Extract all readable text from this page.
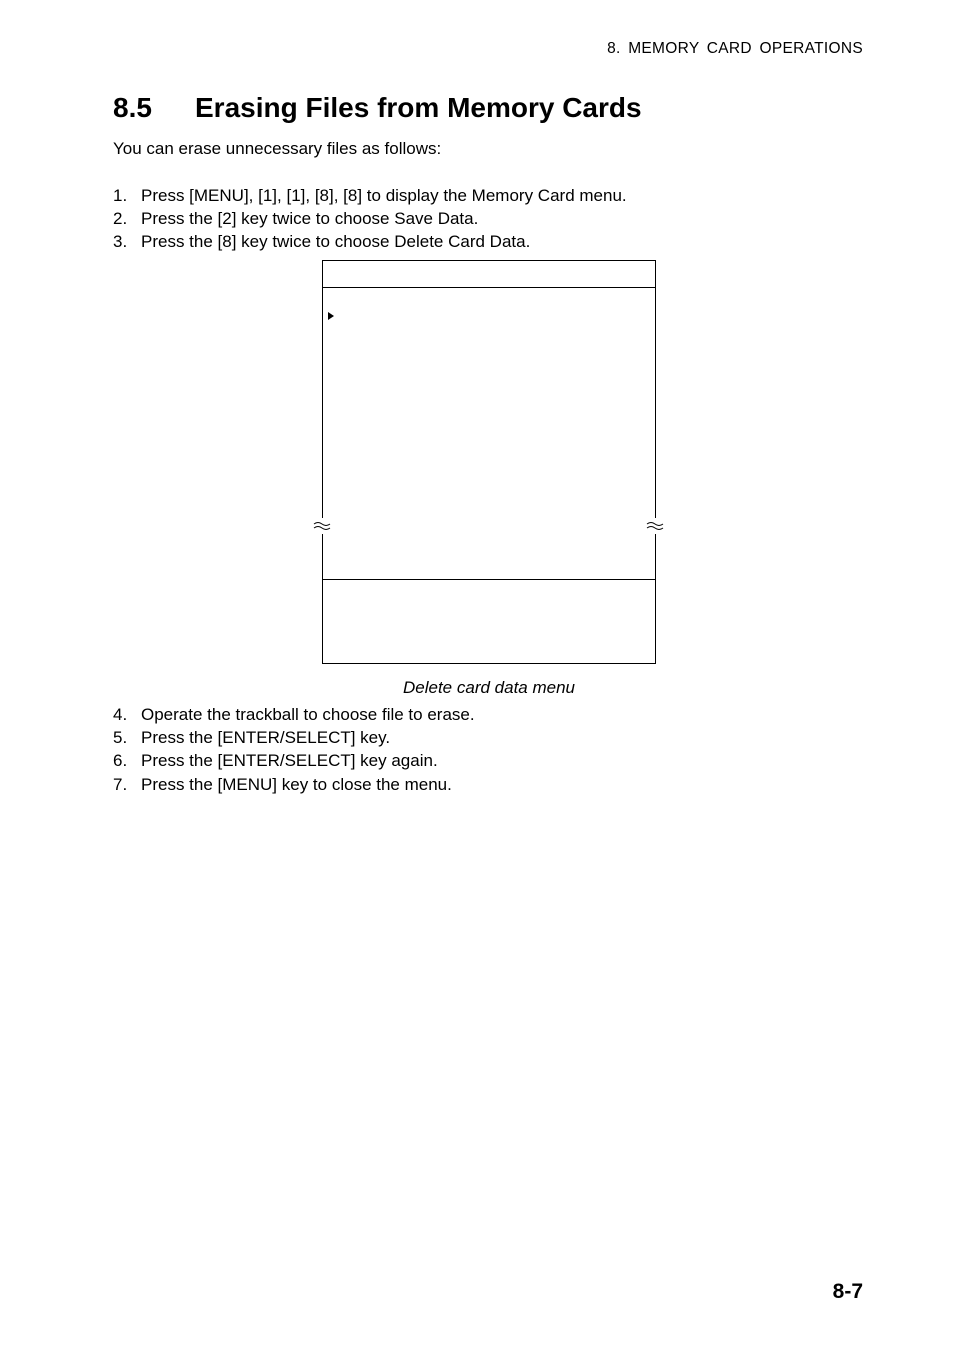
8. MEMORY CARD OPERATIONS
8.5 Erasing Files from Memory Cards
You can erase unnecessary files as follows:
1. Press [MENU], [1], [1], [8], [8] to display the Memory Card menu.
2. Press the [2] key twice to choose Save Data.
3. Press the [8] key twice to choose Delete Card Data.
Delete card data menu
4. Operate the trackball to choose file to erase.
5. Press the [ENTER/SELECT] key.
6. Press the [ENTER/SELECT] key again.
7. Press the [MENU] key to close the menu.
8-7
